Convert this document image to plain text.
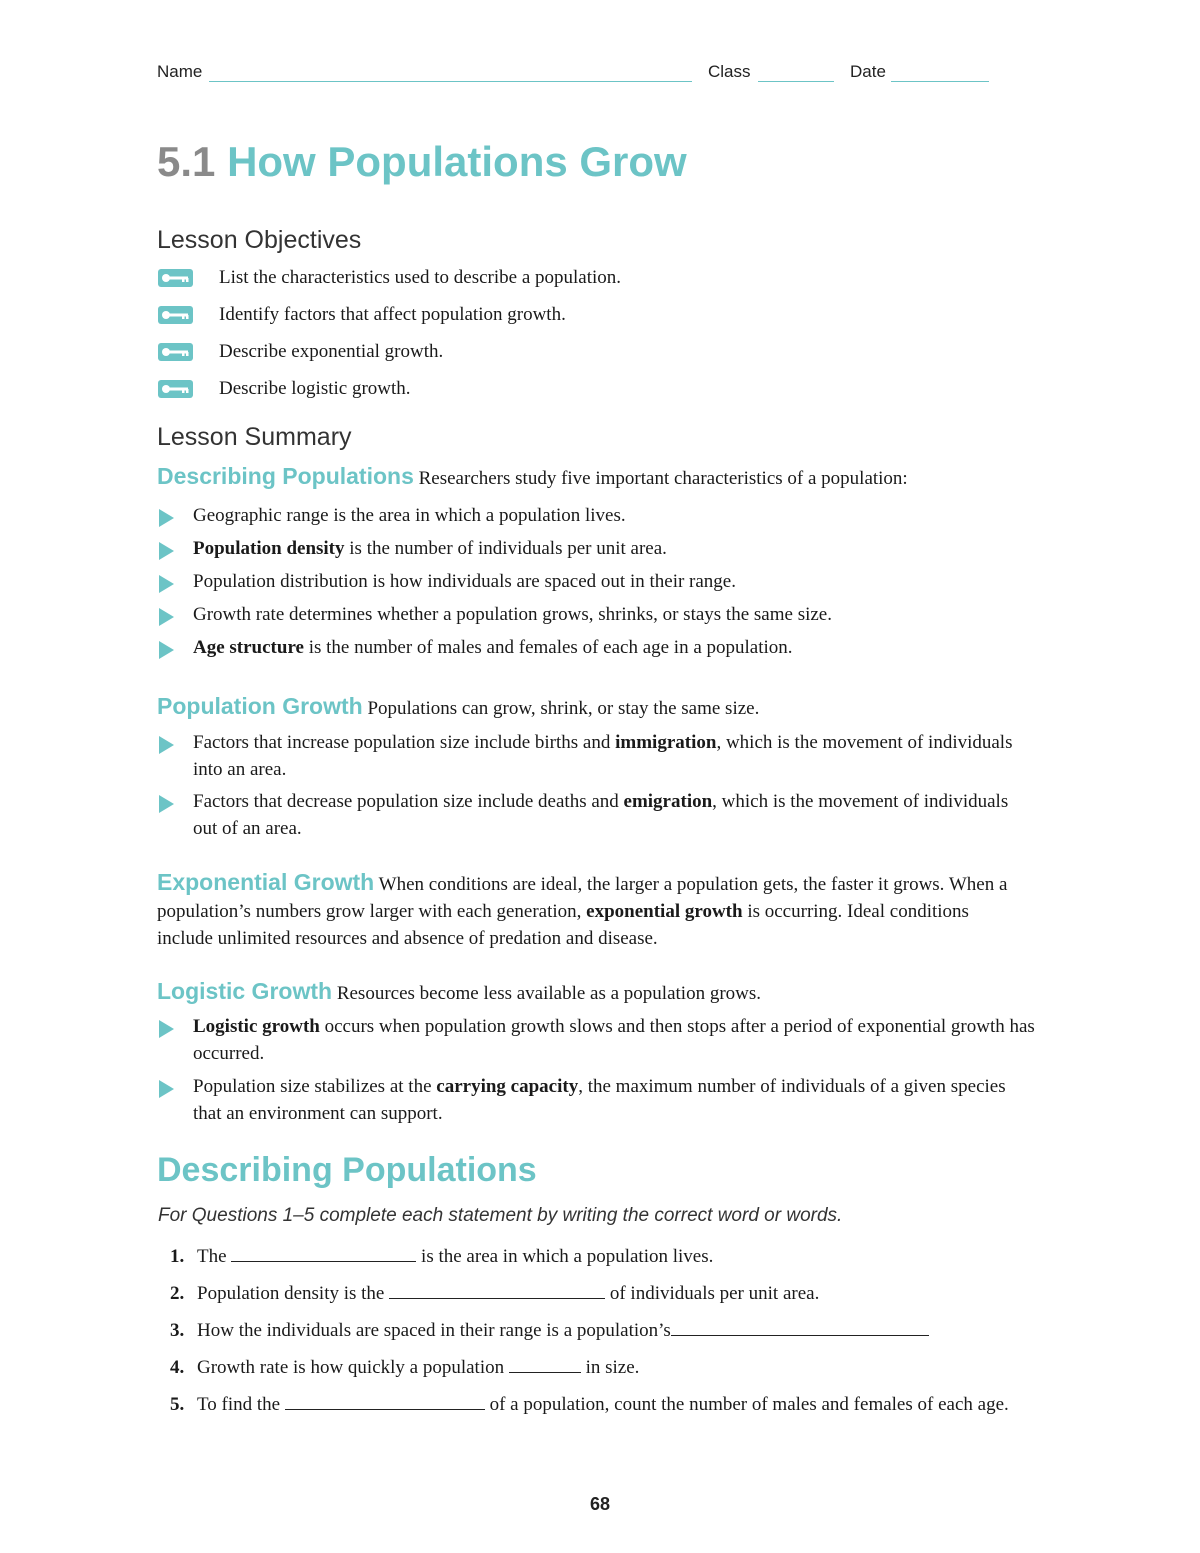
Name	Class	Date
5.1 How Populations Grow
Lesson Objectives
List the characteristics used to describe a population.
Identify factors that affect population growth.
Describe exponential growth.
Describe logistic growth.
Lesson Summary
Describing Populations Researchers study five important characteristics of a population:
Geographic range is the area in which a population lives.
Population density is the number of individuals per unit area.
Population distribution is how individuals are spaced out in their range.
Growth rate determines whether a population grows, shrinks, or stays the same size.
Age structure is the number of males and females of each age in a population.
Population Growth Populations can grow, shrink, or stay the same size.
Factors that increase population size include births and immigration, which is the movement of individuals into an area.
Factors that decrease population size include deaths and emigration, which is the movement of individuals out of an area.
Exponential Growth When conditions are ideal, the larger a population gets, the faster it grows. When a population’s numbers grow larger with each generation, exponential growth is occurring. Ideal conditions include unlimited resources and absence of predation and disease.
Logistic Growth Resources become less available as a population grows.
Logistic growth occurs when population growth slows and then stops after a period of exponential growth has occurred.
Population size stabilizes at the carrying capacity, the maximum number of individuals of a given species that an environment can support.
Describing Populations
For Questions 1–5 complete each statement by writing the correct word or words.
1. The	is the area in which a population lives.
2. Population density is the	of individuals per unit area.
3. How the individuals are spaced in their range is a population’s
4. Growth rate is how quickly a population	in size.
5. To find the	of a population, count the number of males and females of each age.
68
